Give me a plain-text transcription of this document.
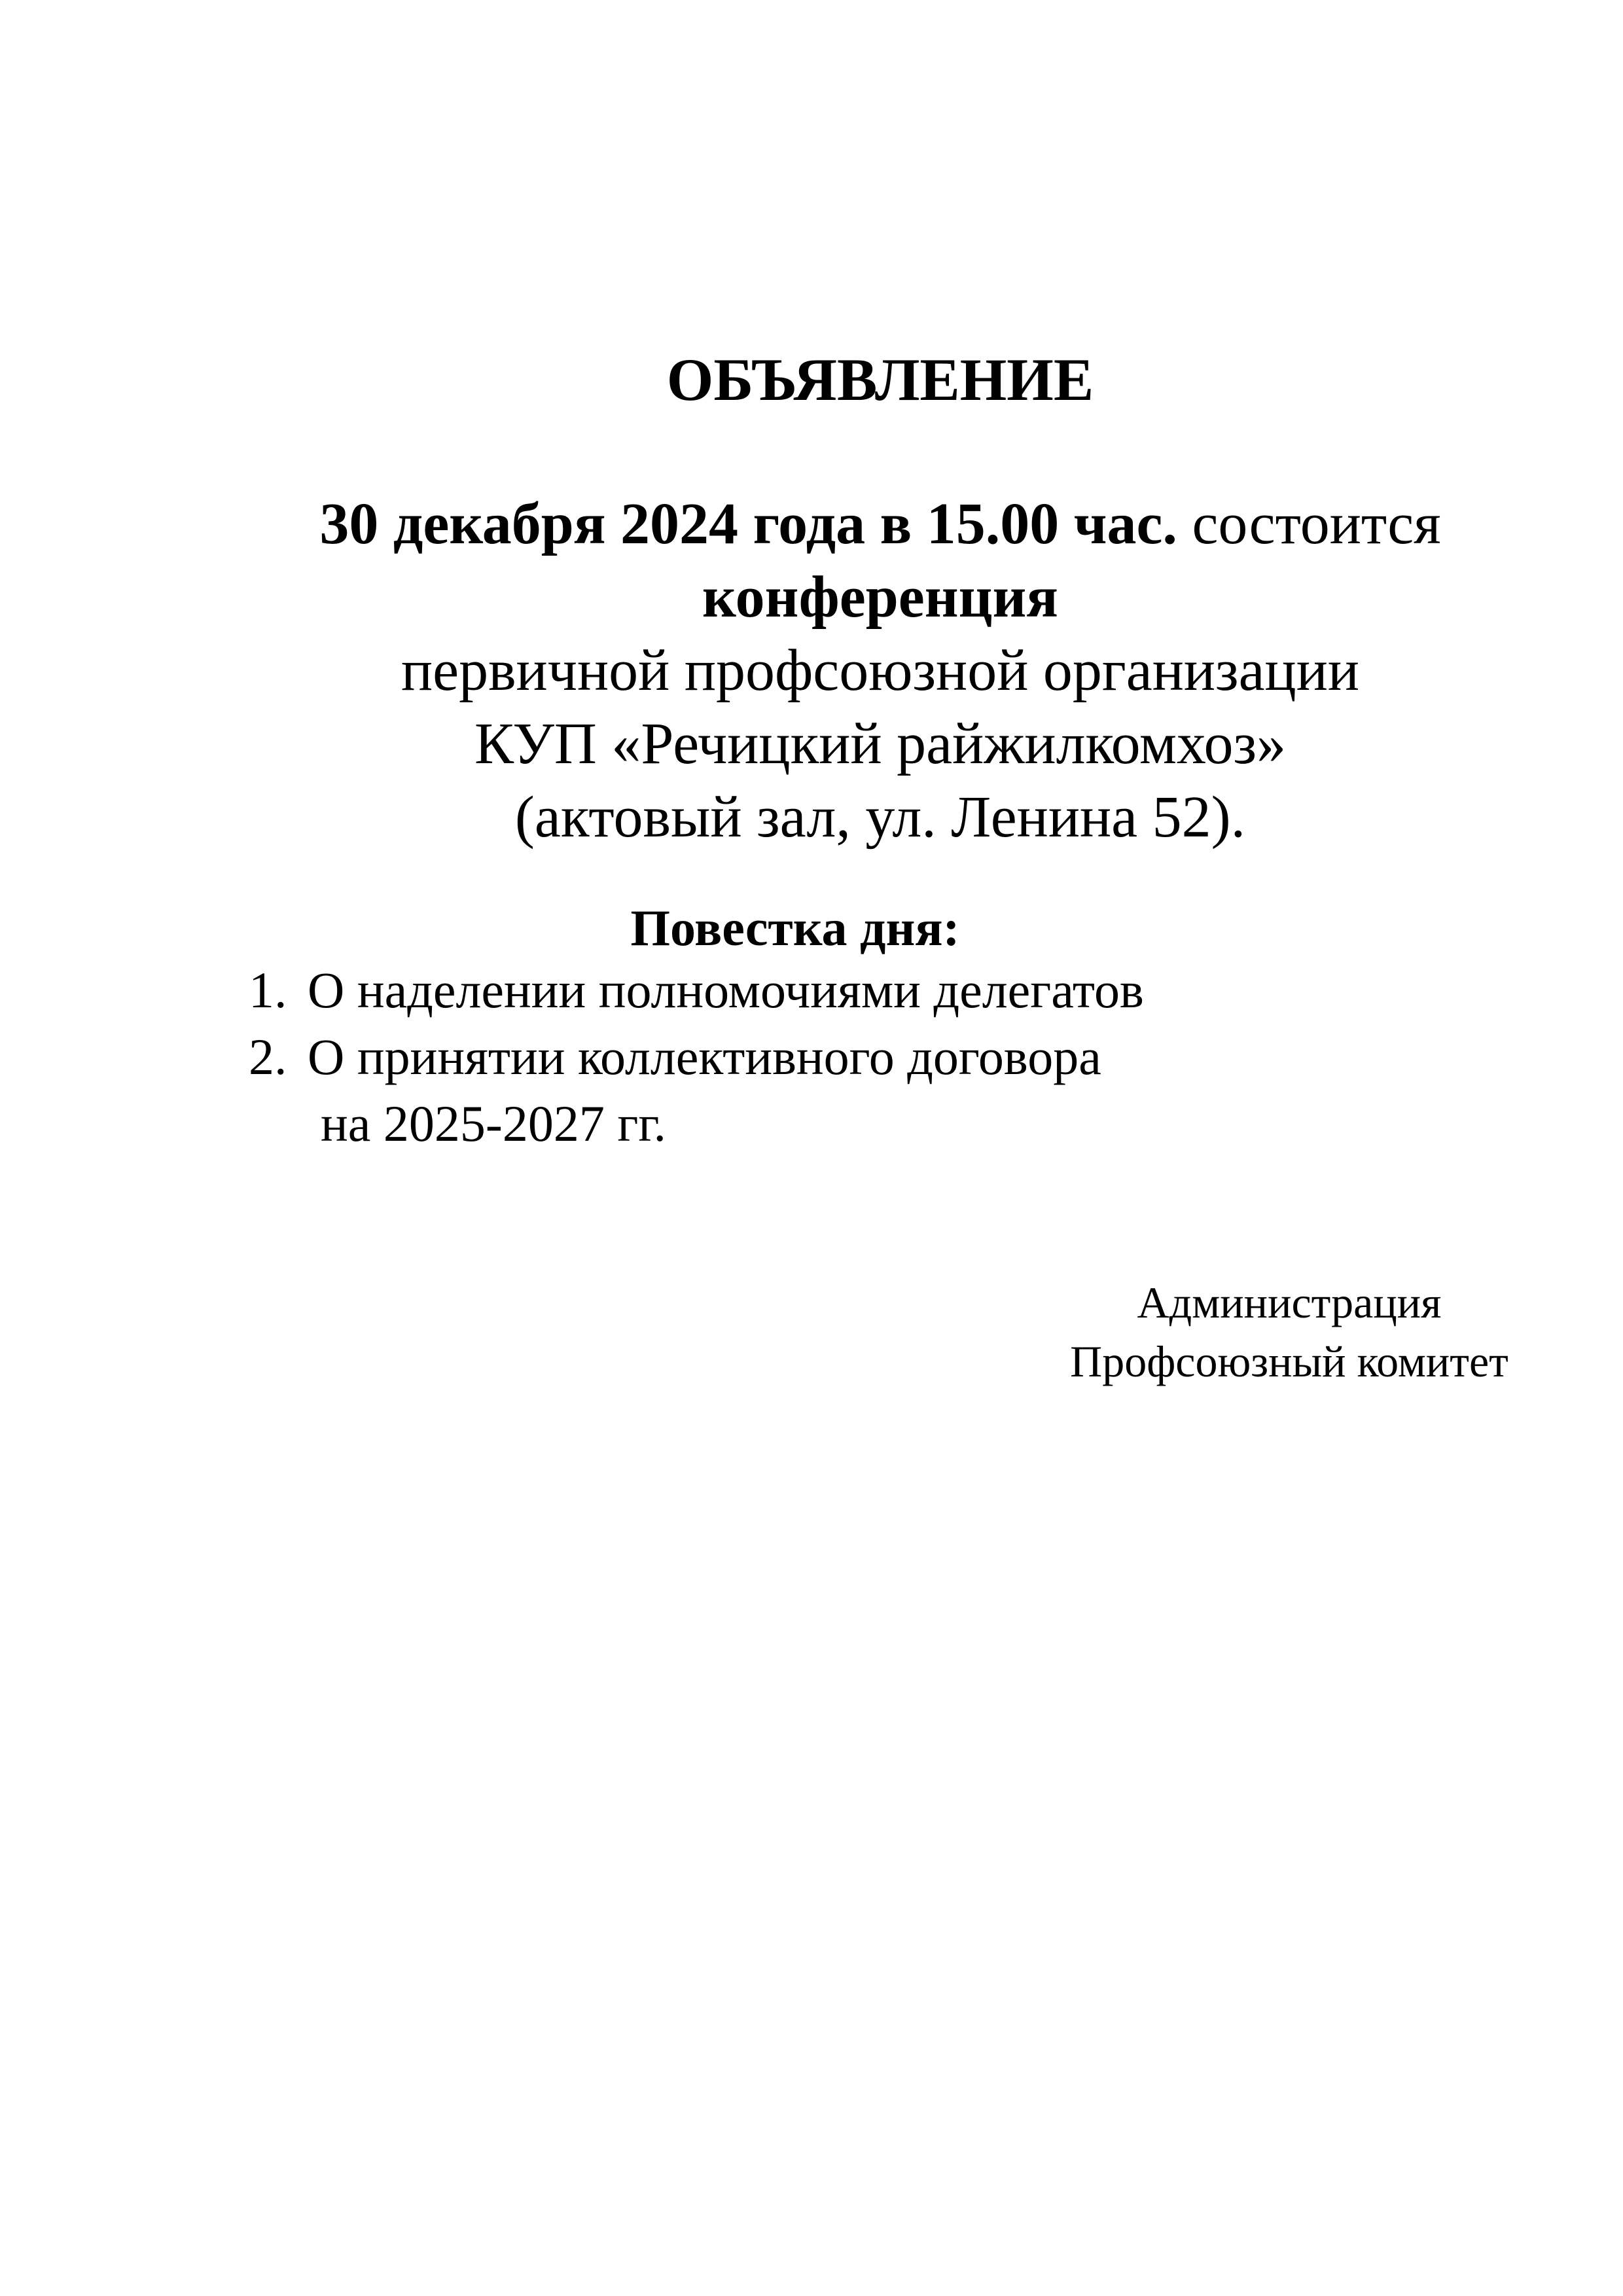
ОБЪЯВЛЕНИЕ
30 декабря 2024 года в 15.00 час. состоится
конференция
первичной профсоюзной организации
КУП «Речицкий райжилкомхоз»
(актовый зал, ул. Ленина 52).
Повестка дня:
1. О наделении полномочиями делегатов
2. О принятии коллективного договора
на 2025-2027 гг.
Администрация
Профсоюзный комитет
